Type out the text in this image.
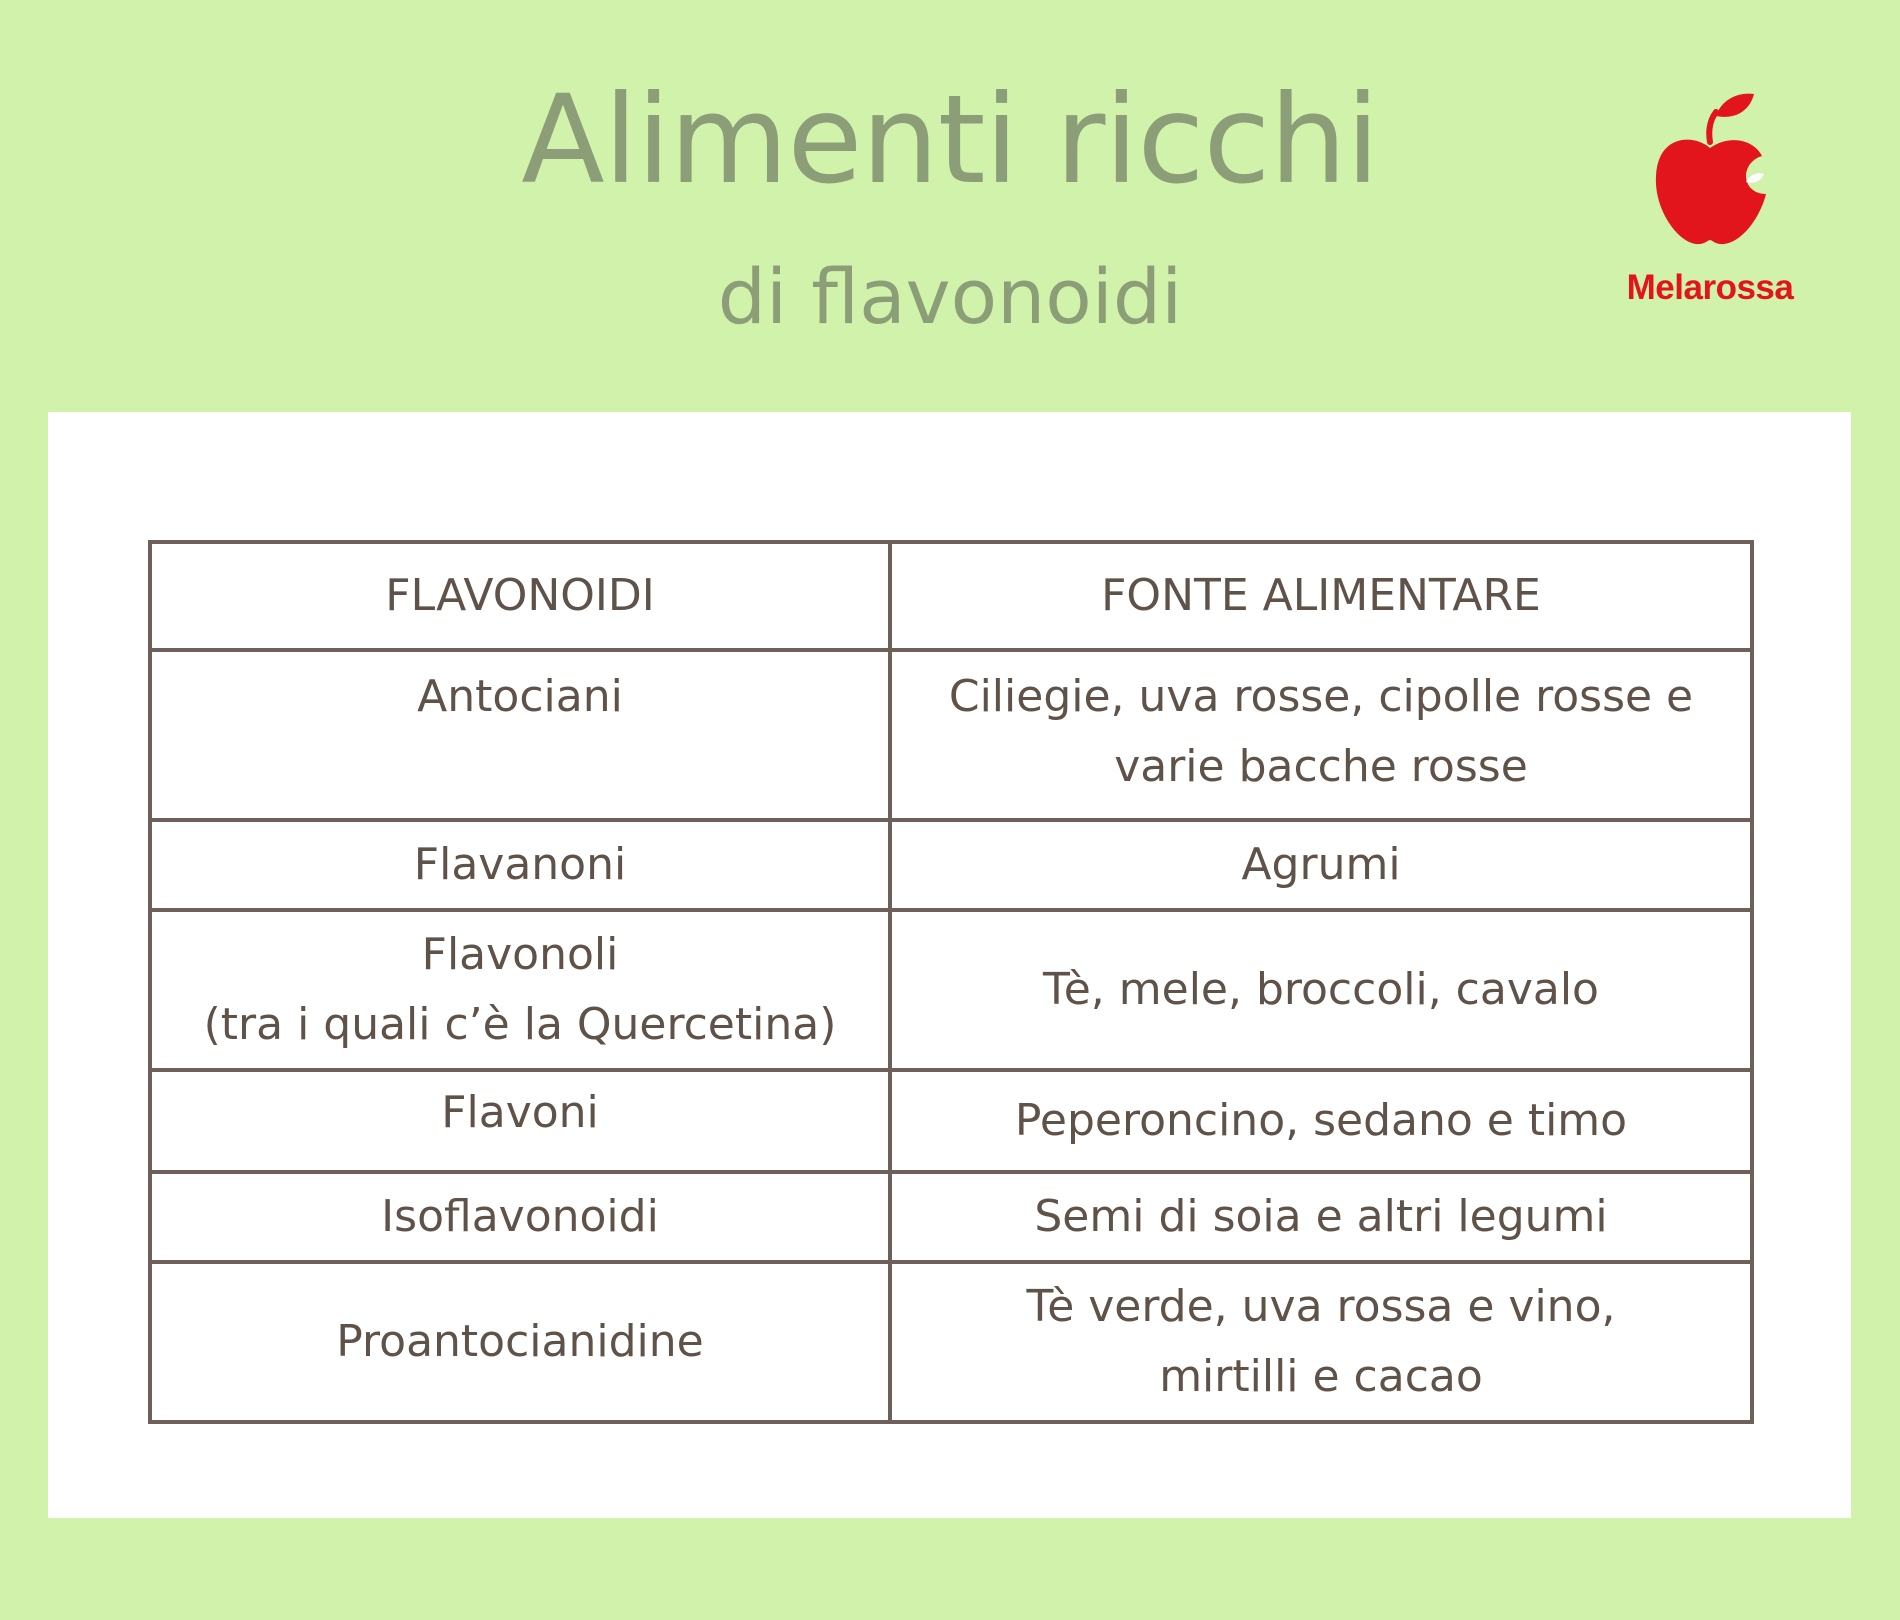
Alimenti ricchi
di flavonoidi	Melarossa
FLAVONOIDI	FONTE ALIMENTARE

Antociani	Ciliegie, uva rosse, cipolle rosse e
varie bacche rosse

Flavanoni	Agrumi

Flavonoli
(tra i quali c’è la Quercetina)	Tè, mele, broccoli, cavalo

Flavoni	Peperoncino, sedano e timo

Isoflavonoidi	Semi di soia e altri legumi

Proantocianidine	Tè verde, uva rossa e vino,
mirtilli e cacao
